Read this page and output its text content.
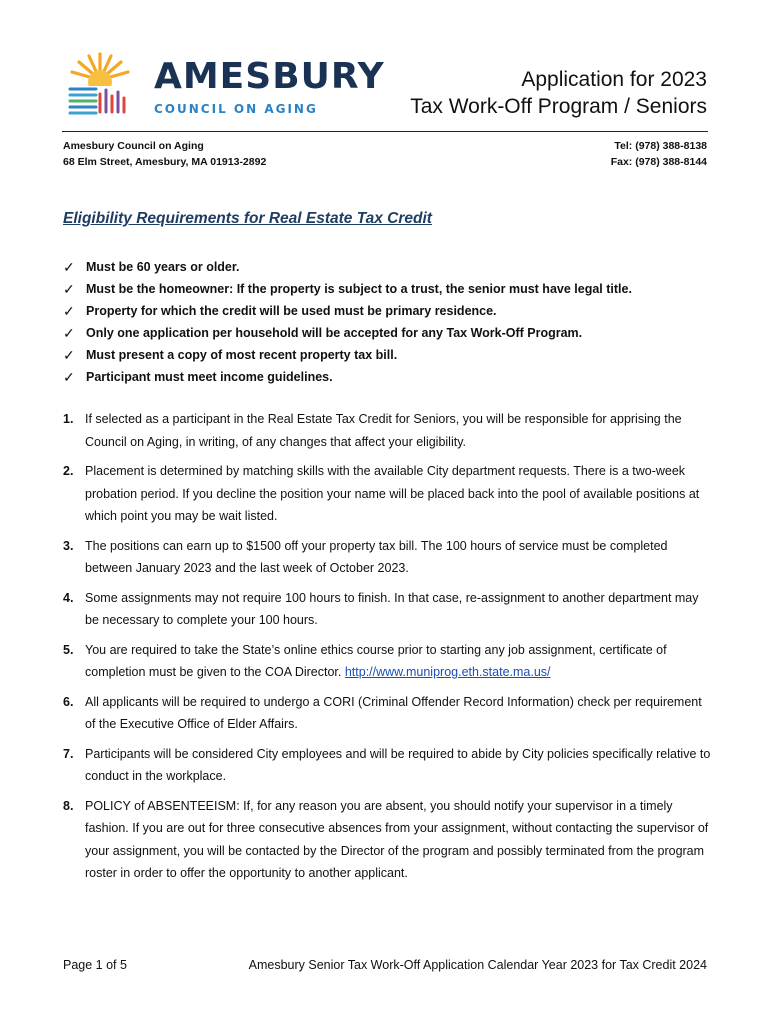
AMESBURY
COUNCIL ON AGING
Application for 2023
Tax Work-Off Program / Seniors
Amesbury Council on Aging
68 Elm Street, Amesbury, MA 01913-2892
Tel: (978) 388-8138
Fax: (978) 388-8144
Eligibility Requirements for Real Estate Tax Credit
✓ Must be 60 years or older.
✓ Must be the homeowner: If the property is subject to a trust, the senior must have legal title.
✓ Property for which the credit will be used must be primary residence.
✓ Only one application per household will be accepted for any Tax Work-Off Program.
✓ Must present a copy of most recent property tax bill.
✓ Participant must meet income guidelines.
1. If selected as a participant in the Real Estate Tax Credit for Seniors, you will be responsible for apprising the Council on Aging, in writing, of any changes that affect your eligibility.
2. Placement is determined by matching skills with the available City department requests. There is a two-week probation period. If you decline the position your name will be placed back into the pool of available positions at which point you may be wait listed.
3. The positions can earn up to $1500 off your property tax bill. The 100 hours of service must be completed between January 2023 and the last week of October 2023.
4. Some assignments may not require 100 hours to finish. In that case, re-assignment to another department may be necessary to complete your 100 hours.
5. You are required to take the State’s online ethics course prior to starting any job assignment, certificate of completion must be given to the COA Director. http://www.muniprog.eth.state.ma.us/
6. All applicants will be required to undergo a CORI (Criminal Offender Record Information) check per requirement of the Executive Office of Elder Affairs.
7. Participants will be considered City employees and will be required to abide by City policies specifically relative to conduct in the workplace.
8. POLICY of ABSENTEEISM: If, for any reason you are absent, you should notify your supervisor in a timely fashion. If you are out for three consecutive absences from your assignment, without contacting the supervisor of your assignment, you will be contacted by the Director of the program and possibly terminated from the program roster in order to offer the opportunity to another applicant.
Page 1 of 5	Amesbury Senior Tax Work-Off Application Calendar Year 2023 for Tax Credit 2024
